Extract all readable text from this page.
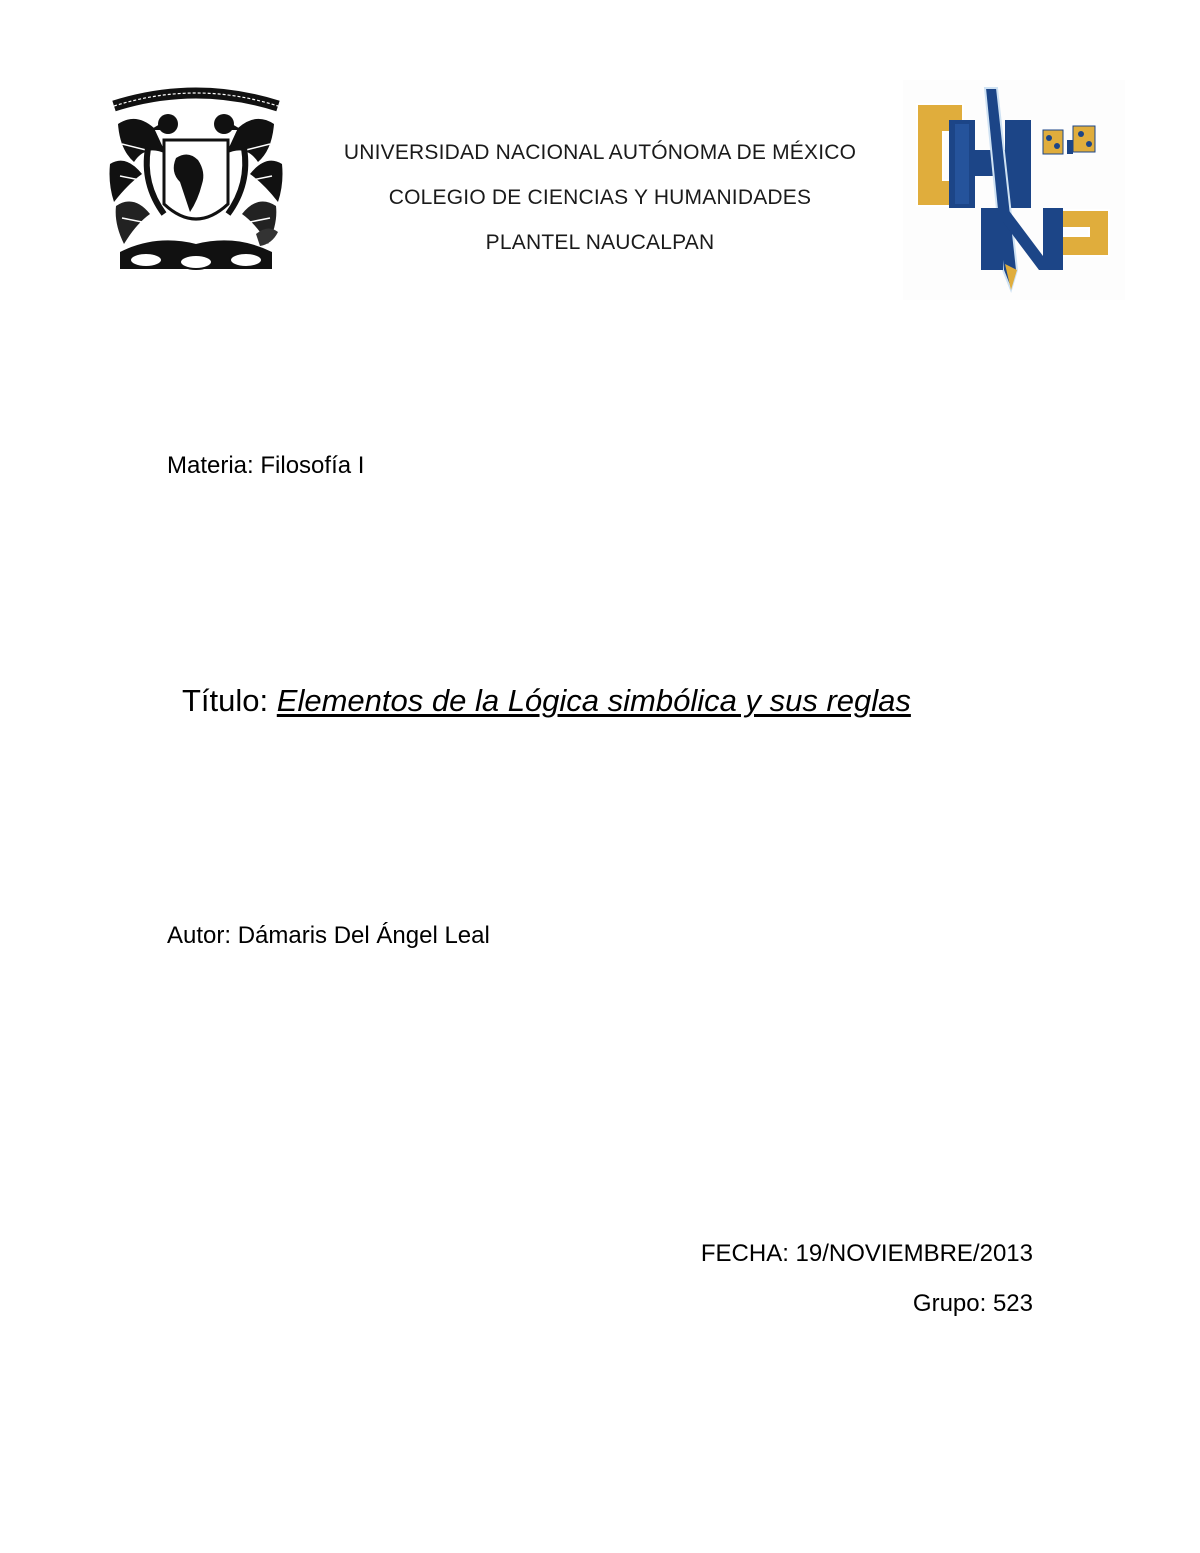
UNIVERSIDAD NACIONAL AUTÓNOMA DE MÉXICO
COLEGIO DE CIENCIAS Y HUMANIDADES
PLANTEL NAUCALPAN
Materia: Filosofía I
Título: Elementos de la Lógica simbólica y sus reglas
Autor: Dámaris Del Ángel Leal
FECHA: 19/NOVIEMBRE/2013
Grupo: 523
